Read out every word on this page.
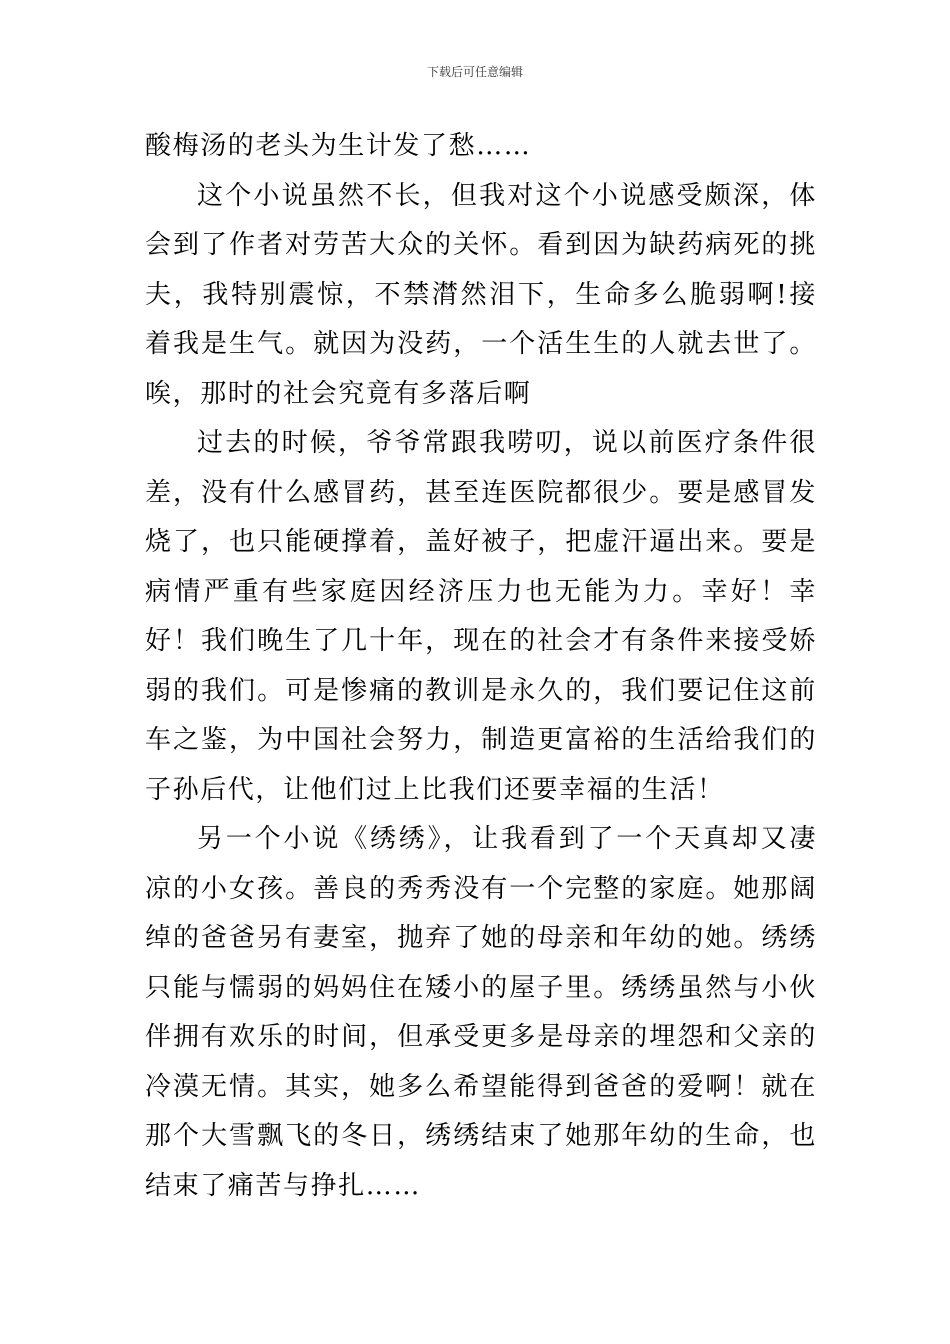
下载后可任意编辑

酸梅汤的老头为生计发了愁……

这个小说虽然不长，但我对这个小说感受颇深，体会到了作者对劳苦大众的关怀。看到因为缺药病死的挑夫，我特别震惊，不禁潸然泪下，生命多么脆弱啊!接着我是生气。就因为没药，一个活生生的人就去世了。唉，那时的社会究竟有多落后啊

过去的时候，爷爷常跟我唠叨，说以前医疗条件很差，没有什么感冒药，甚至连医院都很少。要是感冒发烧了，也只能硬撑着，盖好被子，把虚汗逼出来。要是病情严重有些家庭因经济压力也无能为力。幸好！幸好！我们晚生了几十年，现在的社会才有条件来接受娇弱的我们。可是惨痛的教训是永久的，我们要记住这前车之鉴，为中国社会努力，制造更富裕的生活给我们的子孙后代，让他们过上比我们还要幸福的生活！

另一个小说《绣绣》，让我看到了一个天真却又凄凉的小女孩。善良的秀秀没有一个完整的家庭。她那阔绰的爸爸另有妻室，抛弃了她的母亲和年幼的她。绣绣只能与懦弱的妈妈住在矮小的屋子里。绣绣虽然与小伙伴拥有欢乐的时间，但承受更多是母亲的埋怨和父亲的冷漠无情。其实，她多么希望能得到爸爸的爱啊！就在那个大雪飘飞的冬日，绣绣结束了她那年幼的生命，也结束了痛苦与挣扎……
